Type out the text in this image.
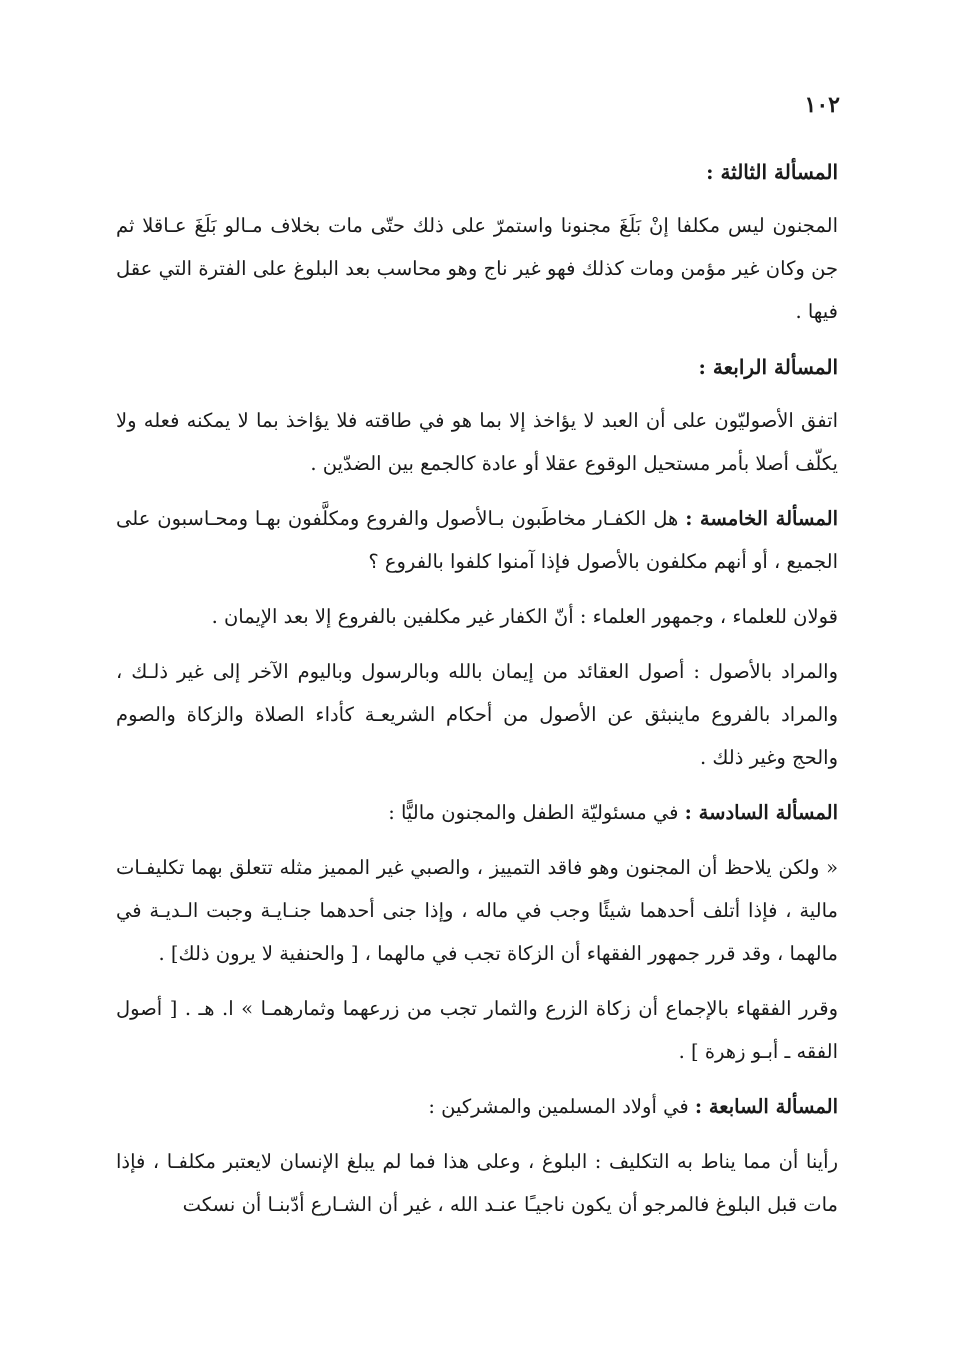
١٠٢
المسألة الثالثة :

المجنون ليس مكلفا إنْ بَلَغَ مجنونا واستمرّ على ذلك حتّى مات بخلاف مـالو بَلَغَ عـاقلا ثم جن وكان غير مؤمن ومات كذلك فهو غير ناج وهو محاسب بعد البلوغ على الفترة التي عقل فيها .

المسألة الرابعة :

اتفق الأصوليّون على أن العبد لا يؤاخذ إلا بما هو في طاقته فلا يؤاخذ بما لا يمكنه فعله ولا يكلّف أصلا بأمر مستحيل الوقوع عقلا أو عادة كالجمع بين الضدّين .

المسألة الخامسة : هل الكفـار مخاطَبون بـالأصول والفروع ومكلَّفون بهـا ومحـاسبون على الجميع ، أو أنهم مكلفون بالأصول فإذا آمنوا كلفوا بالفروع ؟

قولان للعلماء ، وجمهور العلماء : أنّ الكفار غير مكلفين بالفروع إلا بعد الإيمان .

والمراد بالأصول : أصول العقائد من إيمان بالله وبالرسول وباليوم الآخر إلى غير ذلـك ، والمراد بالفروع ماينبثق عن الأصول من أحكام الشريعـة كأداء الصلاة والزكاة والصوم والحج وغير ذلك .

المسألة السادسة : في مسئوليّة الطفل والمجنون ماليًّا :

« ولكن يلاحظ أن المجنون وهو فاقد التمييز ، والصبي غير المميز مثله تتعلق بهما تكليفـات مالية ، فإذا أتلف أحدهما شيئًا وجب في ماله ، وإذا جنى أحدهما جنـايـة وجبت الـديـة في مالهما ، وقد قرر جمهور الفقهاء أن الزكاة تجب في مالهما ، [ والحنفية لا يرون ذلك] .

وقرر الفقهاء بالإجماع أن زكاة الزرع والثمار تجب من زرعهما وثمارهمـا » ا. هـ . [ أصول الفقه ـ أبـو زهرة ] .

المسألة السابعة : في أولاد المسلمين والمشركين :

رأينا أن مما يناط به التكليف : البلوغ ، وعلى هذا فما لم يبلغ الإنسان لايعتبر مكلفـا ، فإذا مات قبل البلوغ فالمرجو أن يكون ناجيـًا عنـد الله ، غير أن الشـارع أدّبنـا أن نسكت
